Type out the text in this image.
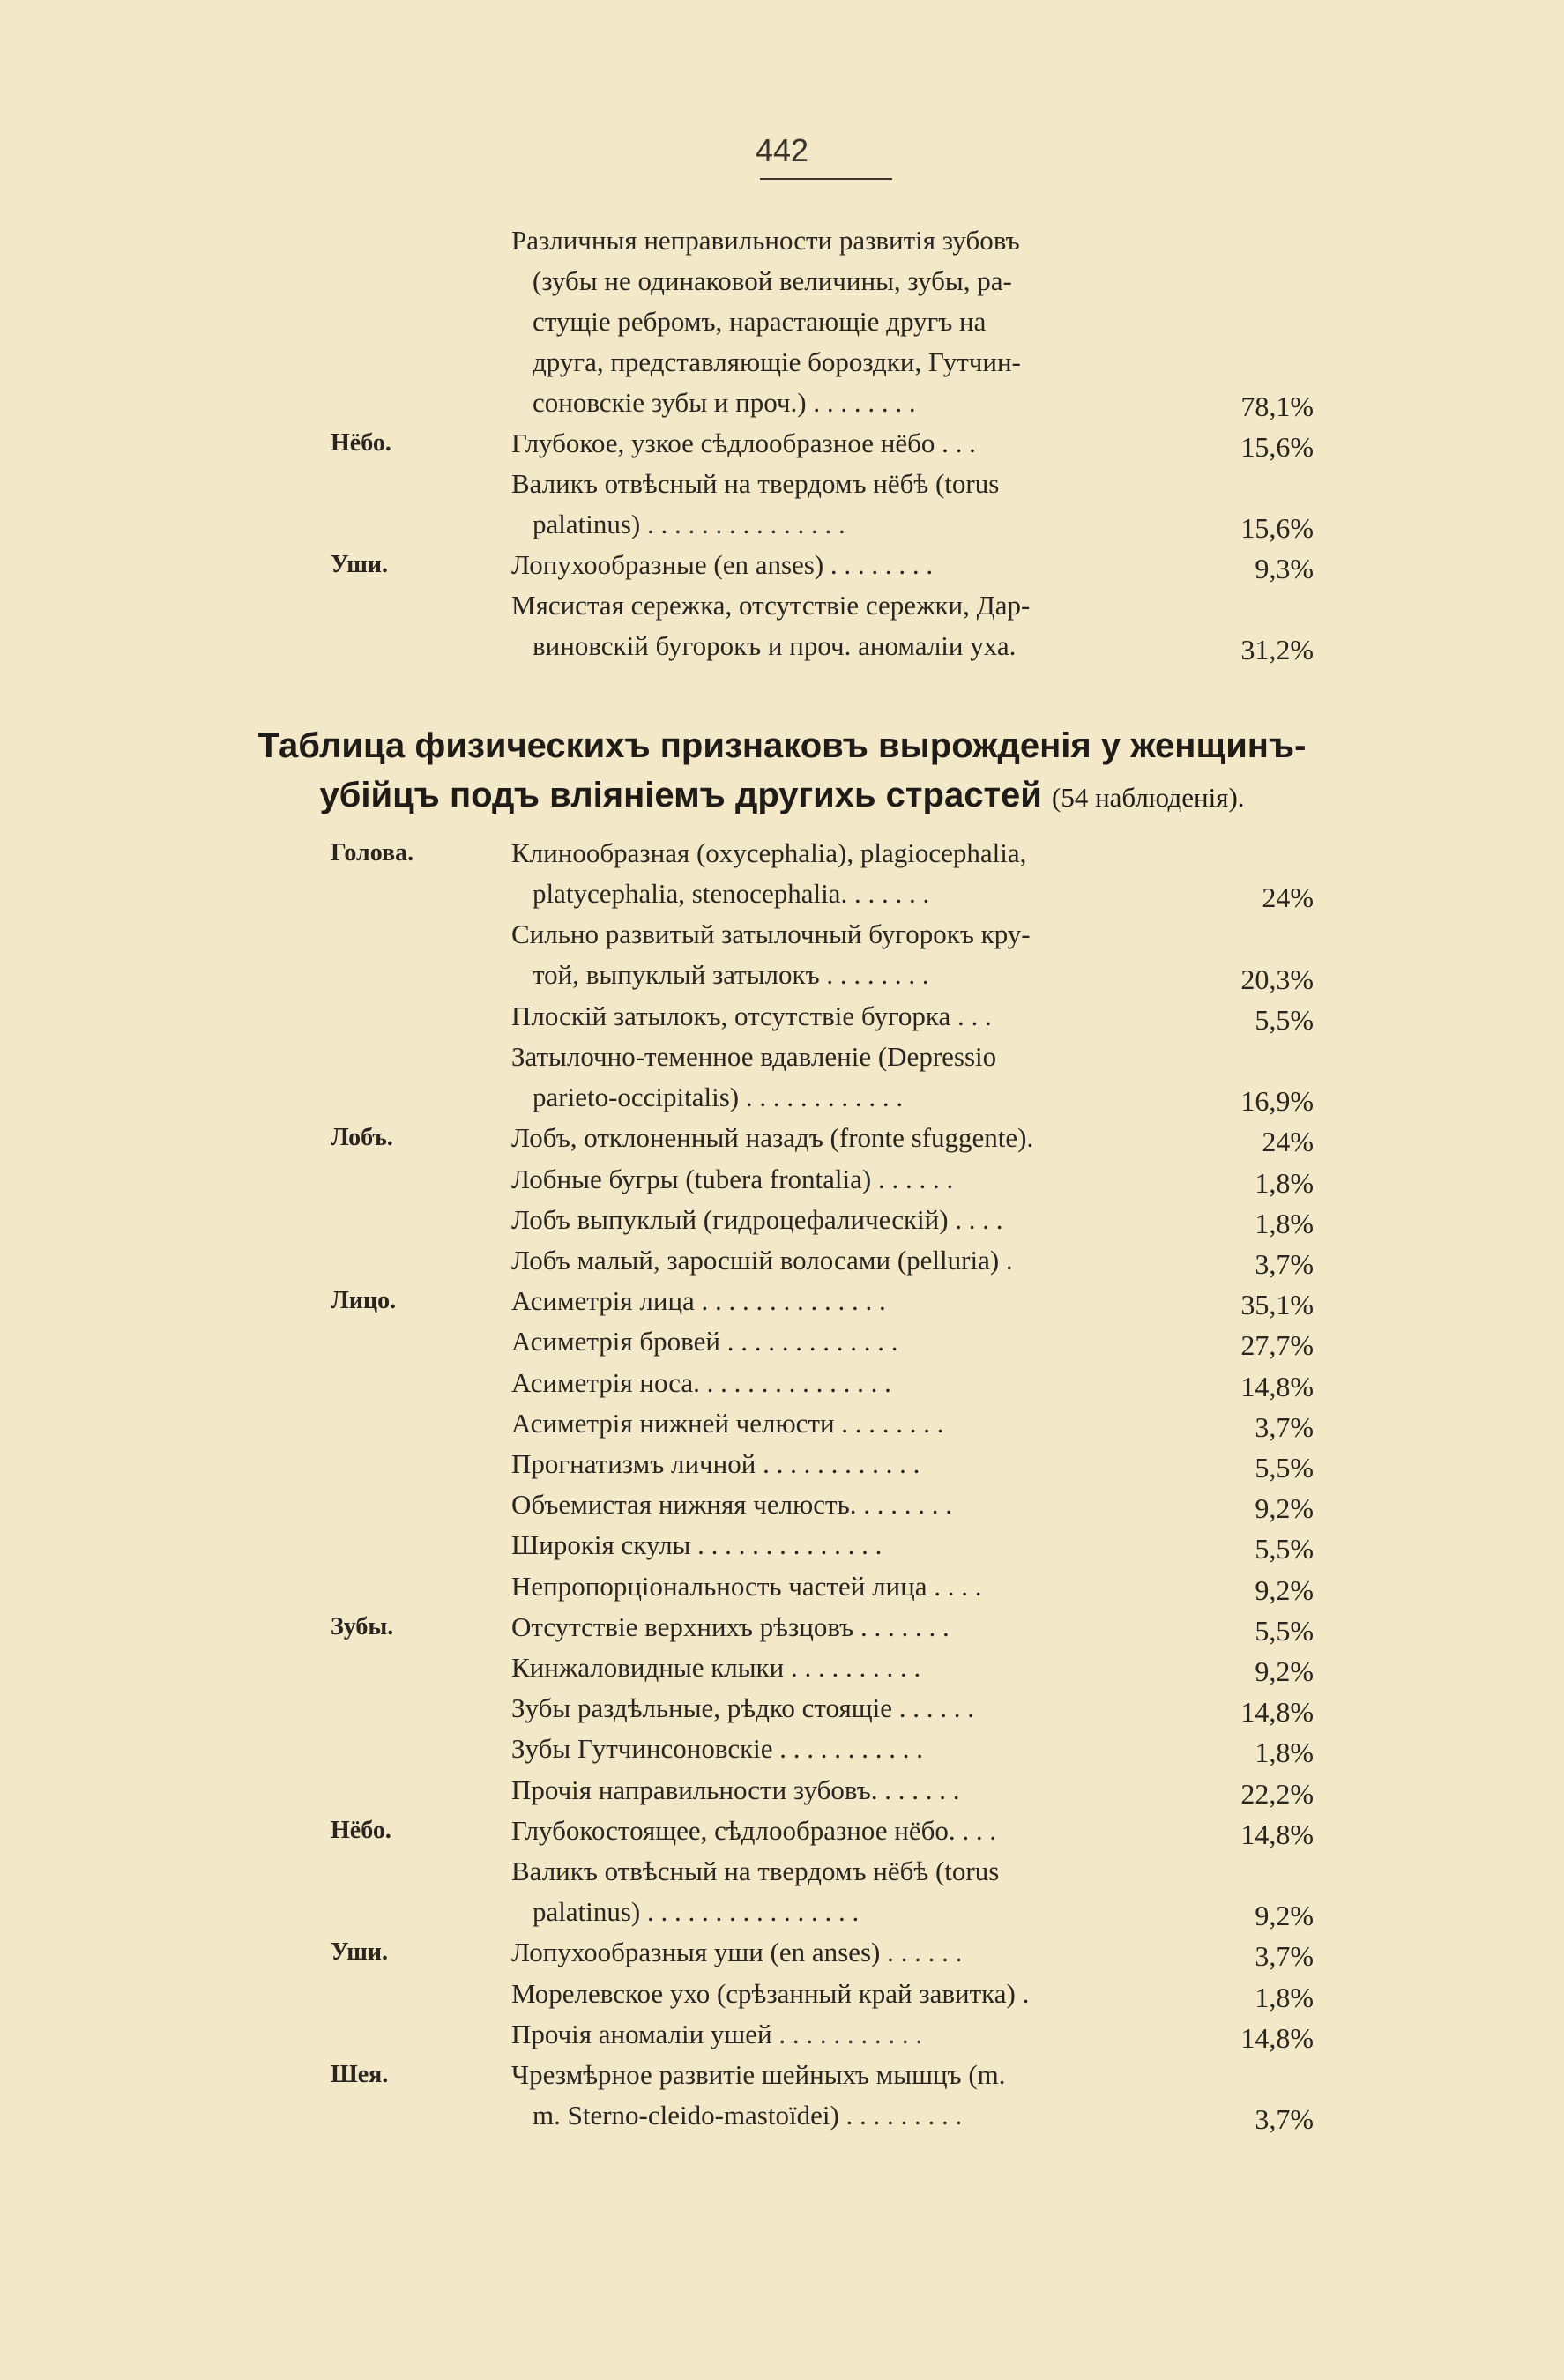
442
Различныя неправильности развитія зубовъ
(зубы не одинаковой величины, зубы, ра-
стущіе ребромъ, нарастающіе другъ на
друга, представляющіе бороздки, Гутчин-
соновскіе зубы и проч.) . . . . . . . .	78,1%
Нёбо.	Глубокое, узкое сѣдлообразное нёбо . . .	15,6%
Валикъ отвѣсный на твердомъ нёбѣ (torus
palatinus) . . . . . . . . . . . . . . .	15,6%
Уши.	Лопухообразные (en anses) . . . . . . . .	9,3%
Мясистая сережка, отсутствіе сережки, Дар-
виновскій бугорокъ и проч. аномаліи уха.	31,2%
Таблица физическихъ признаковъ вырожденія у женщинъ-
убійцъ подъ вліяніемъ другихь страстей (54 наблюденія).
Голова.	Клинообразная (oxycephalia), plagiocephalia,
platycephalia, stenocephalia. . . . . . .	24%
Сильно развитый затылочный бугорокъ кру-
той, выпуклый затылокъ . . . . . . . .	20,3%
Плоскій затылокъ, отсутствіе бугорка . . .	5,5%
Затылочно-теменное вдавленіе (Depressio
parieto-occipitalis) . . . . . . . . . . . .	16,9%
Лобъ.	Лобъ, отклоненный назадъ (fronte sfuggente).	24%
Лобные бугры (tubera frontalia) . . . . . .	1,8%
Лобъ выпуклый (гидроцефалическій) . . . .	1,8%
Лобъ малый, заросшій волосами (pellurіа) .	3,7%
Лицо.	Асиметрія лица . . . . . . . . . . . . . .	35,1%
Асиметрія бровей . . . . . . . . . . . . .	27,7%
Асиметрія носа. . . . . . . . . . . . . . .	14,8%
Асиметрія нижней челюсти . . . . . . . .	3,7%
Прогнатизмъ личной . . . . . . . . . . . .	5,5%
Объемистая нижняя челюсть. . . . . . . .	9,2%
Широкія скулы . . . . . . . . . . . . . .	5,5%
Непропорціональность частей лица . . . .	9,2%
Зубы.	Отсутствіе верхнихъ рѣзцовъ . . . . . . .	5,5%
Кинжаловидные клыки . . . . . . . . . .	9,2%
Зубы раздѣльные, рѣдко стоящіе . . . . . .	14,8%
Зубы Гутчинсоновскіе . . . . . . . . . . .	1,8%
Прочія направильности зубовъ. . . . . . .	22,2%
Нёбо.	Глубокостоящее, сѣдлообразное нёбо. . . .	14,8%
Валикъ отвѣсный на твердомъ нёбѣ (torus
palatinus) . . . . . . . . . . . . . . . .	9,2%
Уши.	Лопухообразныя уши (en anses) . . . . . .	3,7%
Морелевское ухо (срѣзанный край завитка) .	1,8%
Прочія аномаліи ушей . . . . . . . . . . .	14,8%
Шея.	Чрезмѣрное развитіе шейныхъ мышцъ (m.
m. Sterno-cleido-mastoїdei) . . . . . . . . .	3,7%
